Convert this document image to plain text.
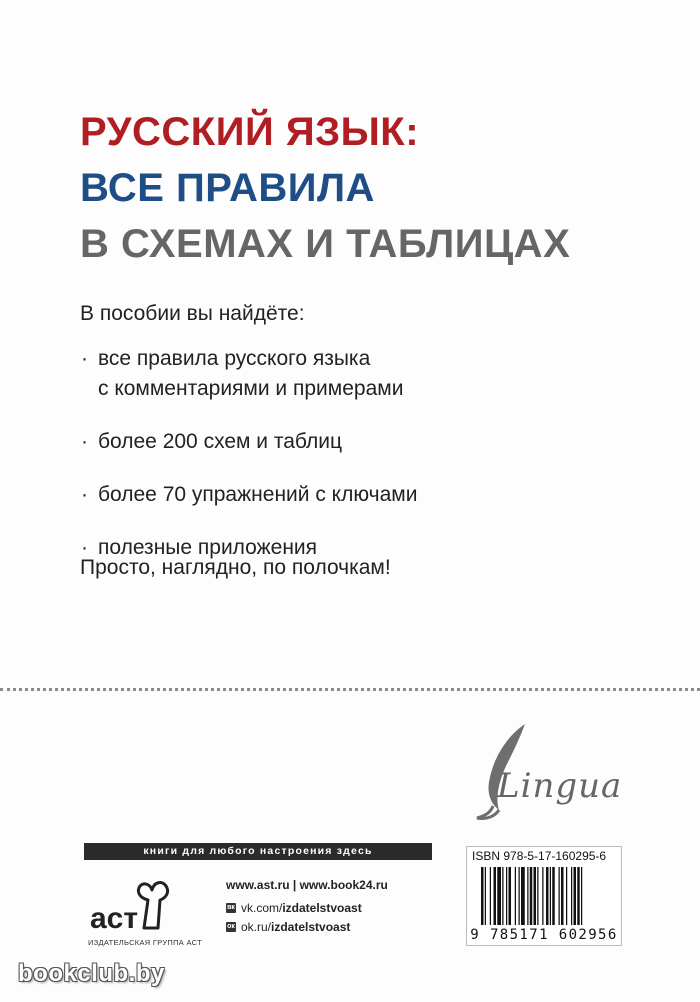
РУССКИЙ ЯЗЫК:
ВСЕ ПРАВИЛА
В СХЕМАХ И ТАБЛИЦАХ
В пособии вы найдёте:
· все правила русского языка
с комментариями и примерами
· более 200 схем и таблиц
· более 70 упражнений с ключами
· полезные приложения
Просто, наглядно, по полочкам!
Lingua
книги для любого настроения здесь
аст
ИЗДАТЕЛЬСКАЯ ГРУППА АСТ
www.ast.ru | www.book24.ru
вк vk.com/ izdatelstvoast
ок ok.ru/ izdatelstvoast
ISBN 978-5-17-160295-6
9 785171 602956
bookclub.by
